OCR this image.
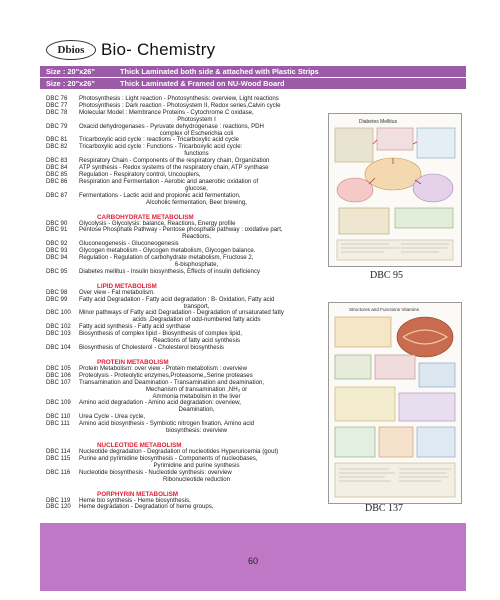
Dbios Bio- Chemistry
Size : 20"x26"	Thick Laminated both side & attached with Plastic Strips
Size : 20"x26"	Thick Laminated & Framed on NU-Wood Board
DBC 76	Photosynthesis : Light reaction - Photosynthesis: overview, Light reactions
DBC 77	Photosynthesis : Dark reaction - Photosystem II, Redox series,Calvin cycle
DBC 78	Molecular Model : Membrance Proteins - Cytochrome C oxidase,
Photosystem I
DBC 79	Oxacid dehydrogenases - Pyruvate dehydrogenase : reactions, PDH
complex of Escherichia coli
DBC 81	Tricarboxylic acid cycle : reactions - Tricarboxylic acid cycle
DBC 82	Tricarboxylic acid cycle : Functions - Tricarboxylic acid cycle:
functions
DBC 83	Respiratory Chain - Components of the respiratory chain, Organization
DBC 84	ATP synthesis - Redox systems of the respiratory chain, ATP synthase
DBC 85	Regulation - Respiratory control, Uncouplers,
DBC 86	Respiration and Fermentation - Aerobic and anaerobic oxidation of
glucose,
DBC 87	Fermentations - Lactic acid and propionic acid fermentation,
Alcoholic fermentation, Beer brewing,
CARBOHYDRATE METABOLISM
DBC 90	Glycolysis - Glycolysis: balance, Reactions, Energy profile
DBC 91	Pentose Phosphate Pathway - Pentose phosphate pathway : oxidative part,
Reactions,
DBC 92	Gluconeogenesis - Gluconeogenesis
DBC 93	Glycogen metabolism - Glycogen metabolism, Glycogen balance.
DBC 94	Regulation - Regulation of carbohydrate metabolism, Fructose 2,
6-bisphosphate,
DBC 95	Diabetes mellitus - Insulin biosynthesis, Effects of insulin deficiency
LIPID METABOLISM
DBC 98	Over view - Fat metabolism.
DBC 99	Fatty acid Degradation - Fatty acid degradation : B- Oxidation, Fatty acid
transport,
DBC 100	Minor pathways of Fatty acid Degradation - Degradation of unsaturated fatty
acids ,Degradation of odd-numbered fatty acids
DBC 102	Fatty acid synthesis - Fatty acid synthase
DBC 103	Biosynthesis of complex lipid - Biosynthesis of complex lipid,
Reactions of fatty acid synthesis
DBC 104	Biosynthesis of Cholesterol - Cholesterol biosynthesis
PROTEIN METABOLISM
DBC 105	Protein Metabolism: over view - Protein metabolism : overview
DBC 106	Proteolysis - Proteolytic enzymes,Proteasome,,Serine proteases
DBC 107	Transamination and Deamination - Transamination and deamination,
Mechanism of transamination ,NH₃ or
Ammonia metabolism in the liver
DBC 109	Amino acid degradation - Amino acid degradation: overview,
Deamination,
DBC 110	Urea Cycle - Urea cycle,
DBC 111	Amino acid biosynthesis - Symbiotic nitrogen fixation, Amino acid
biosynthesis: overview
NUCLEOTIDE METABOLISM
DBC 114	Nucleotide degradation - Degradation of nucleotides Hyperuricemia (gout)
DBC 115	Purine and pyrimidine biosynthesis - Components of nucleobases,
Pyrimidine and purine synthesis
DBC 116	Nucleotide biosynthesis - Nucleotide synthesis: overview
Ribonucleotide reduction
PORPHYRIN METABOLISM
DBC 119	Heme bio synthesis - Heme biosynthesis,
DBC 120	Heme degradation - Degradation of heme groups,
Diabetes Mellitus
DBC 95
Structures and Functions Vitamins
DBC 137
60
